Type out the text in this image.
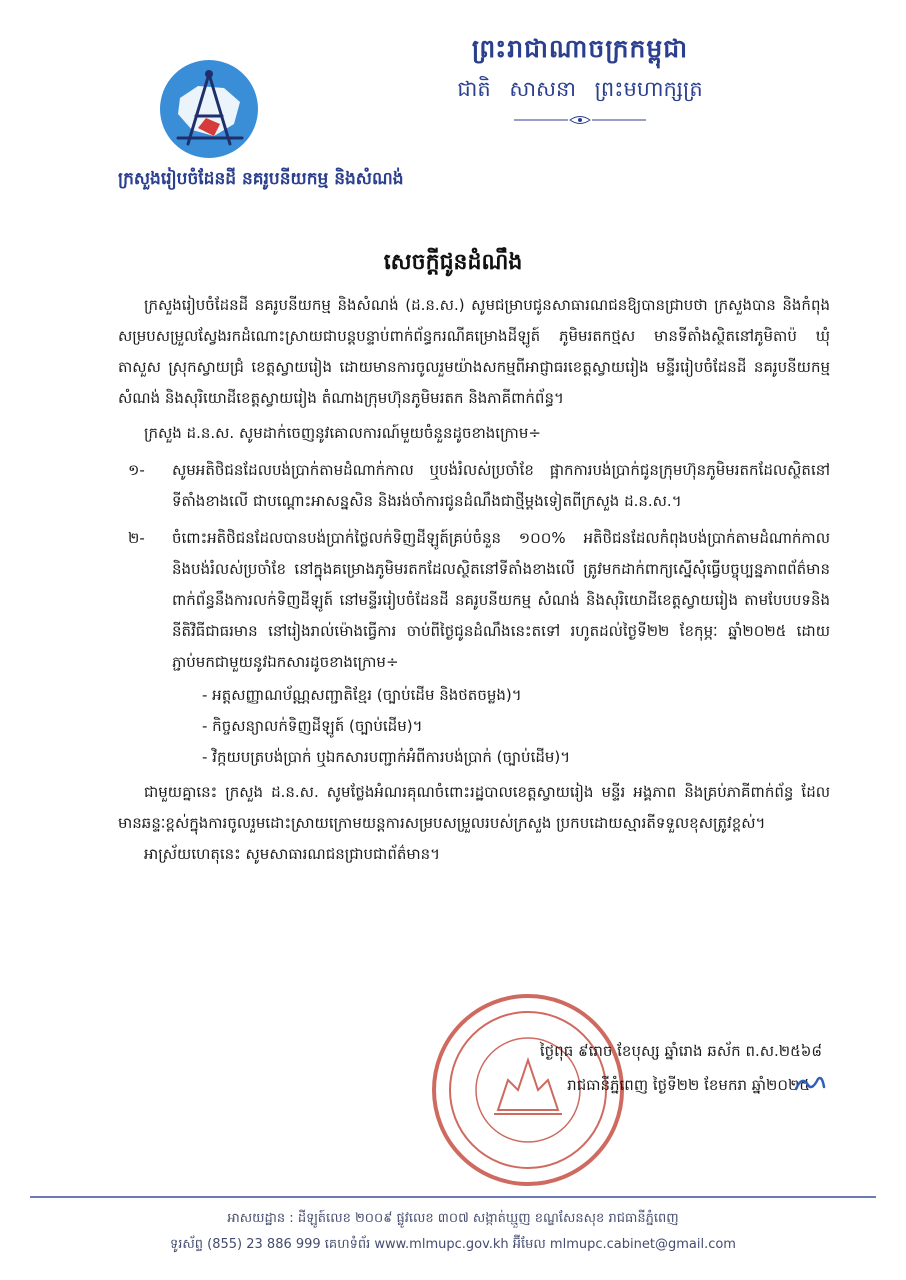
ព្រះរាជាណាចក្រកម្ពុជា
ជាតិ សាសនា ព្រះមហាក្សត្រ
ក្រសួងរៀបចំដែនដី នគរូបនីយកម្ម និងសំណង់
សេចក្ដីជូនដំណឹង

ក្រសួងរៀបចំដែនដី នគរូបនីយកម្ម និងសំណង់ (ដ.ន.ស.) សូមជម្រាបជូនសាធារណជនឱ្យបានជ្រាបថា ក្រសួងបាន និងកំពុងសម្របសម្រួលស្វែងរកដំណោះស្រាយជាបន្តបន្ទាប់ពាក់ព័ន្ធករណីគម្រោងដីឡូត៍ ភូមិមរតកថ្មស មានទីតាំងស្ថិតនៅភូមិតាប៉ ឃុំតាសួស ស្រុកស្វាយជ្រំ ខេត្តស្វាយរៀង ដោយមានការចូលរួមយ៉ាងសកម្មពីអាជ្ញាធរខេត្តស្វាយរៀង មន្ទីររៀបចំដែនដី នគរូបនីយកម្ម សំណង់ និងសុរិយោដីខេត្តស្វាយរៀង តំណាងក្រុមហ៊ុនភូមិមរតក និងភាគីពាក់ព័ន្ធ។

ក្រសួង ដ.ន.ស. សូមដាក់ចេញនូវគោលការណ៍មួយចំនួនដូចខាងក្រោម÷

១-	សូមអតិថិជនដែលបង់ប្រាក់តាមដំណាក់កាល ឬបង់រំលស់ប្រចាំខែ ផ្អាកការបង់ប្រាក់ជូនក្រុមហ៊ុនភូមិមរតកដែលស្ថិតនៅទីតាំងខាងលើ ជាបណ្ដោះអាសន្នសិន និងរង់ចាំការជូនដំណឹងជាថ្មីម្ដងទៀតពីក្រសួង ដ.ន.ស.។
២-	ចំពោះអតិថិជនដែលបានបង់ប្រាក់ថ្លៃលក់ទិញដីឡូត៍គ្រប់ចំនួន ១០០% អតិថិជនដែលកំពុងបង់ប្រាក់តាមដំណាក់កាល និងបង់រំលស់ប្រចាំខែ នៅក្នុងគម្រោងភូមិមរតកដែលស្ថិតនៅទីតាំងខាងលើ ត្រូវមកដាក់ពាក្យស្នើសុំធ្វើបច្ចុប្បន្នភាពព័ត៌មានពាក់ព័ន្ធនឹងការលក់ទិញដីឡូត៍ នៅមន្ទីររៀបចំដែនដី នគរូបនីយកម្ម សំណង់ និងសុរិយោដីខេត្តស្វាយរៀង តាមបែបបទនិងនីតិវិធីជាធរមាន នៅរៀងរាល់ម៉ោងធ្វើការ ចាប់ពីថ្ងៃជូនដំណឹងនេះតទៅ រហូតដល់ថ្ងៃទី២២ ខែកុម្ភៈ ឆ្នាំ២០២៥ ដោយភ្ជាប់មកជាមួយនូវឯកសារដូចខាងក្រោម÷
- អត្តសញ្ញាណប័ណ្ណសញ្ជាតិខ្មែរ (ច្បាប់ដើម និងថតចម្លង)។
- កិច្ចសន្យាលក់ទិញដីឡូត៍ (ច្បាប់ដើម)។
- វិក្កយបត្របង់ប្រាក់ ឬឯកសារបញ្ជាក់អំពីការបង់ប្រាក់ (ច្បាប់ដើម)។

ជាមួយគ្នានេះ ក្រសួង ដ.ន.ស. សូមថ្លែងអំណរគុណចំពោះរដ្ឋបាលខេត្តស្វាយរៀង មន្ទីរ អង្គភាព និងគ្រប់ភាគីពាក់ព័ន្ធ ដែលមានឆន្ទៈខ្ពស់ក្នុងការចូលរួមដោះស្រាយក្រោមយន្តការសម្របសម្រួលរបស់ក្រសួង ប្រកបដោយស្មារតីទទួលខុសត្រូវខ្ពស់។

អាស្រ័យហេតុនេះ សូមសាធារណជនជ្រាបជាព័ត៌មាន។

ថ្ងៃពុធ ៩រោច ខែបុស្ស ឆ្នាំរោង ឆស័ក ព.ស.២៥៦៨
រាជធានីភ្នំពេញ ថ្ងៃទី២២ ខែមករា ឆ្នាំ២០២៥
អាសយដ្ឋាន : ដីឡូត៍លេខ ២០០៩ ផ្លូវលេខ ៣០៧ សង្កាត់ឃ្មួញ ខណ្ឌសែនសុខ រាជធានីភ្នំពេញ
ទូរស័ព្ទ (855) 23 886 999 គេហទំព័រ www.mlmupc.gov.kh អ៊ីមែល mlmupc.cabinet@gmail.com
